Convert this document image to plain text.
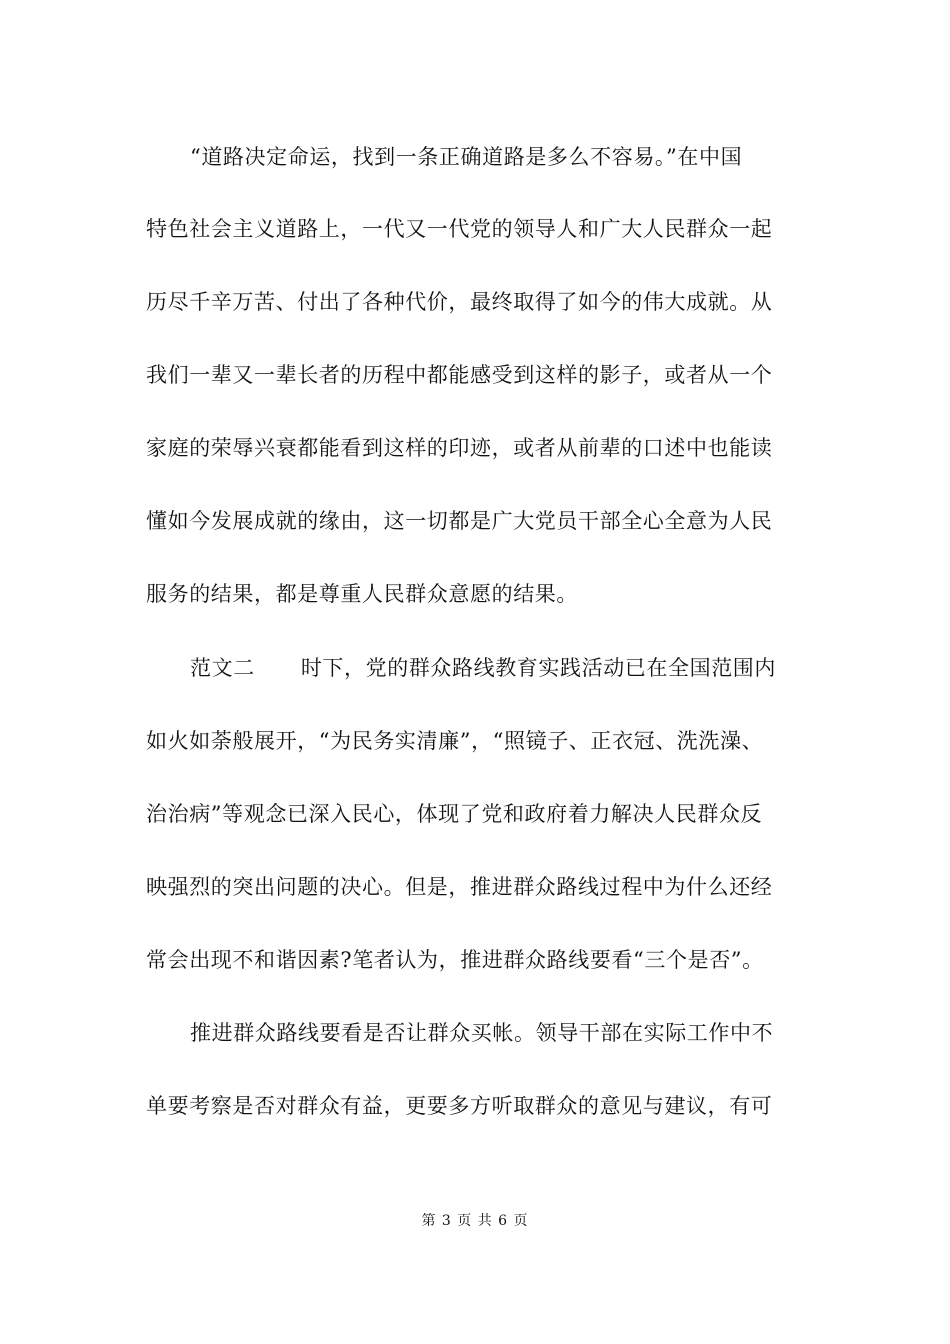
“道路决定命运，找到一条正确道路是多么不容易。”在中国
特色社会主义道路上，一代又一代党的领导人和广大人民群众一起
历尽千辛万苦、付出了各种代价，最终取得了如今的伟大成就。从
我们一辈又一辈长者的历程中都能感受到这样的影子，或者从一个
家庭的荣辱兴衰都能看到这样的印迹，或者从前辈的口述中也能读
懂如今发展成就的缘由，这一切都是广大党员干部全心全意为人民
服务的结果，都是尊重人民群众意愿的结果。
范文二 时下，党的群众路线教育实践活动已在全国范围内
如火如荼般展开，“为民务实清廉”，“照镜子、正衣冠、洗洗澡、
治治病”等观念已深入民心，体现了党和政府着力解决人民群众反
映强烈的突出问题的决心。但是，推进群众路线过程中为什么还经
常会出现不和谐因素?笔者认为，推进群众路线要看“三个是否”。
推进群众路线要看是否让群众买帐。领导干部在实际工作中不
单要考察是否对群众有益，更要多方听取群众的意见与建议，有可
第 3 页 共 6 页
